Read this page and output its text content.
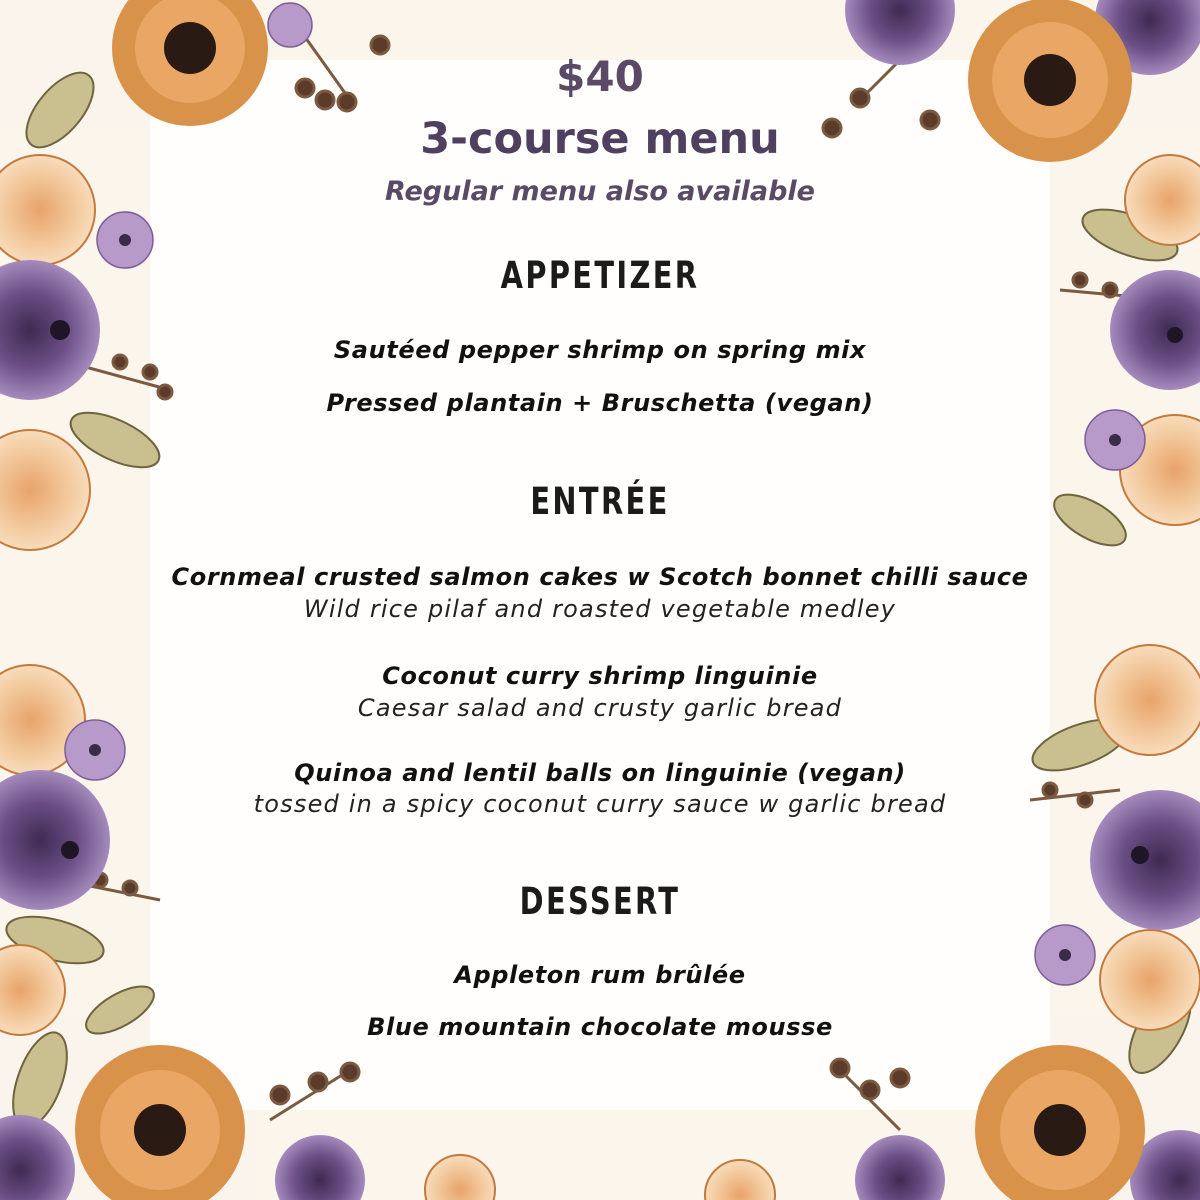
$40
3-course menu
Regular menu also available
APPETIZER
Sautéed pepper shrimp on spring mix
Pressed plantain + Bruschetta (vegan)
ENTRÉE
Cornmeal crusted salmon cakes w Scotch bonnet chilli sauce
Wild rice pilaf and roasted vegetable medley
Coconut curry shrimp linguinie
Caesar salad and crusty garlic bread
Quinoa and lentil balls on linguinie (vegan)
tossed in a spicy coconut curry sauce w garlic bread
DESSERT
Appleton rum brûlée
Blue mountain chocolate mousse
